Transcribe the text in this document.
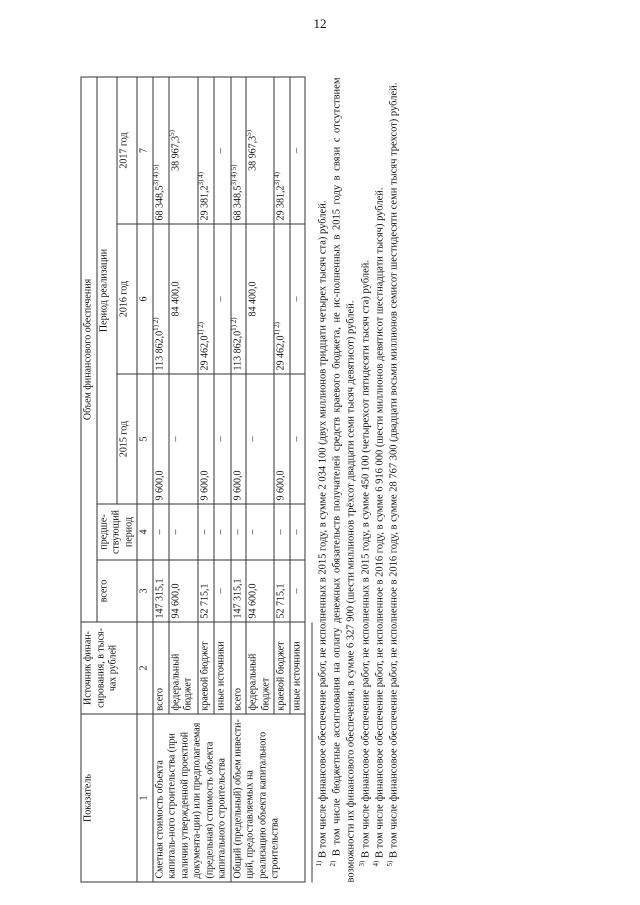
12
Показатель	Источник финан-сирования, в тыся-чах рублей	Объем финансового обеспечения				
		всего	предше-ствующий период	Период реализации		
				2015 год	2016 год	2017 год
1	2	3	4	5	6	7
Сметная стоимость объекта капиталь-ного строительства (при наличии утвержденной проектной документа-ции) или предполагаемая (предельная) стоимость объекта капитального строительства	всего	147 315,1	–	9 600,0	113 $862,0^{1) 2)}$	68 $348,5^{3) 4) 5)}$
	федеральный бюджет	94 600,0	–	–	84 400,0	38 967,3$^{5)}$
	краевой бюджет	52 715,1	–	9 600,0	29 $462,0^{1) 2)}$	29 $381,2^{3) 4)}$
	иные источники	–	–	–	–	–
Общий (предельный) объем инвести-ций, предоставляемых на реализацию объекта капитального строительства	всего	147 315,1	–	9 600,0	113 $862,0^{1) 2)}$	68 $348,5^{3) 4) 5)}$
	федеральный бюджет	94 600,0	–	–	84 400,0	38 967,3$^{5)}$
	краевой бюджет	52 715,1	–	9 600,0	29 $462,0^{1) 2)}$	29 $381,2^{3) 4)}$
	иные источники	–	–	–	–	–

$^{1)}$ В том числе финансовое обеспечение работ, не исполненных в 2015 году, в сумме 2 034 100 (двух миллионов тридцати четырех тысяч ста) рублей.

$^{2)}$ В том числе бюджетные ассигнования на оплату денежных обязательств получателей средств краевого бюджета, не ис-полненных в 2015 году в связи с отсутствием возможности их финансового обеспечения, в сумме 6 327 900 (шести миллионов трёхсот двадцати семи тысяч девятисот) рублей. $^{3)}$ В том числе финансовое обеспечение работ, не исполненных в 2015 году, в сумме 450 100 (четырехсот пятидесяти тысяч ста) рублей.

$^{4)}$ В том числе финансовое обеспечение работ, не исполненное в 2016 году, в сумме 6 916 000 (шести миллионов девятисот шестнадцати тысяч) рублей.

$^{5)}$ В том числе финансовое обеспечение работ, не исполненное в 2016 году, в сумме 28 767 300 (двадцати восьми миллионов семисот шестидесяти семи тысяч трехсот) рублей.
